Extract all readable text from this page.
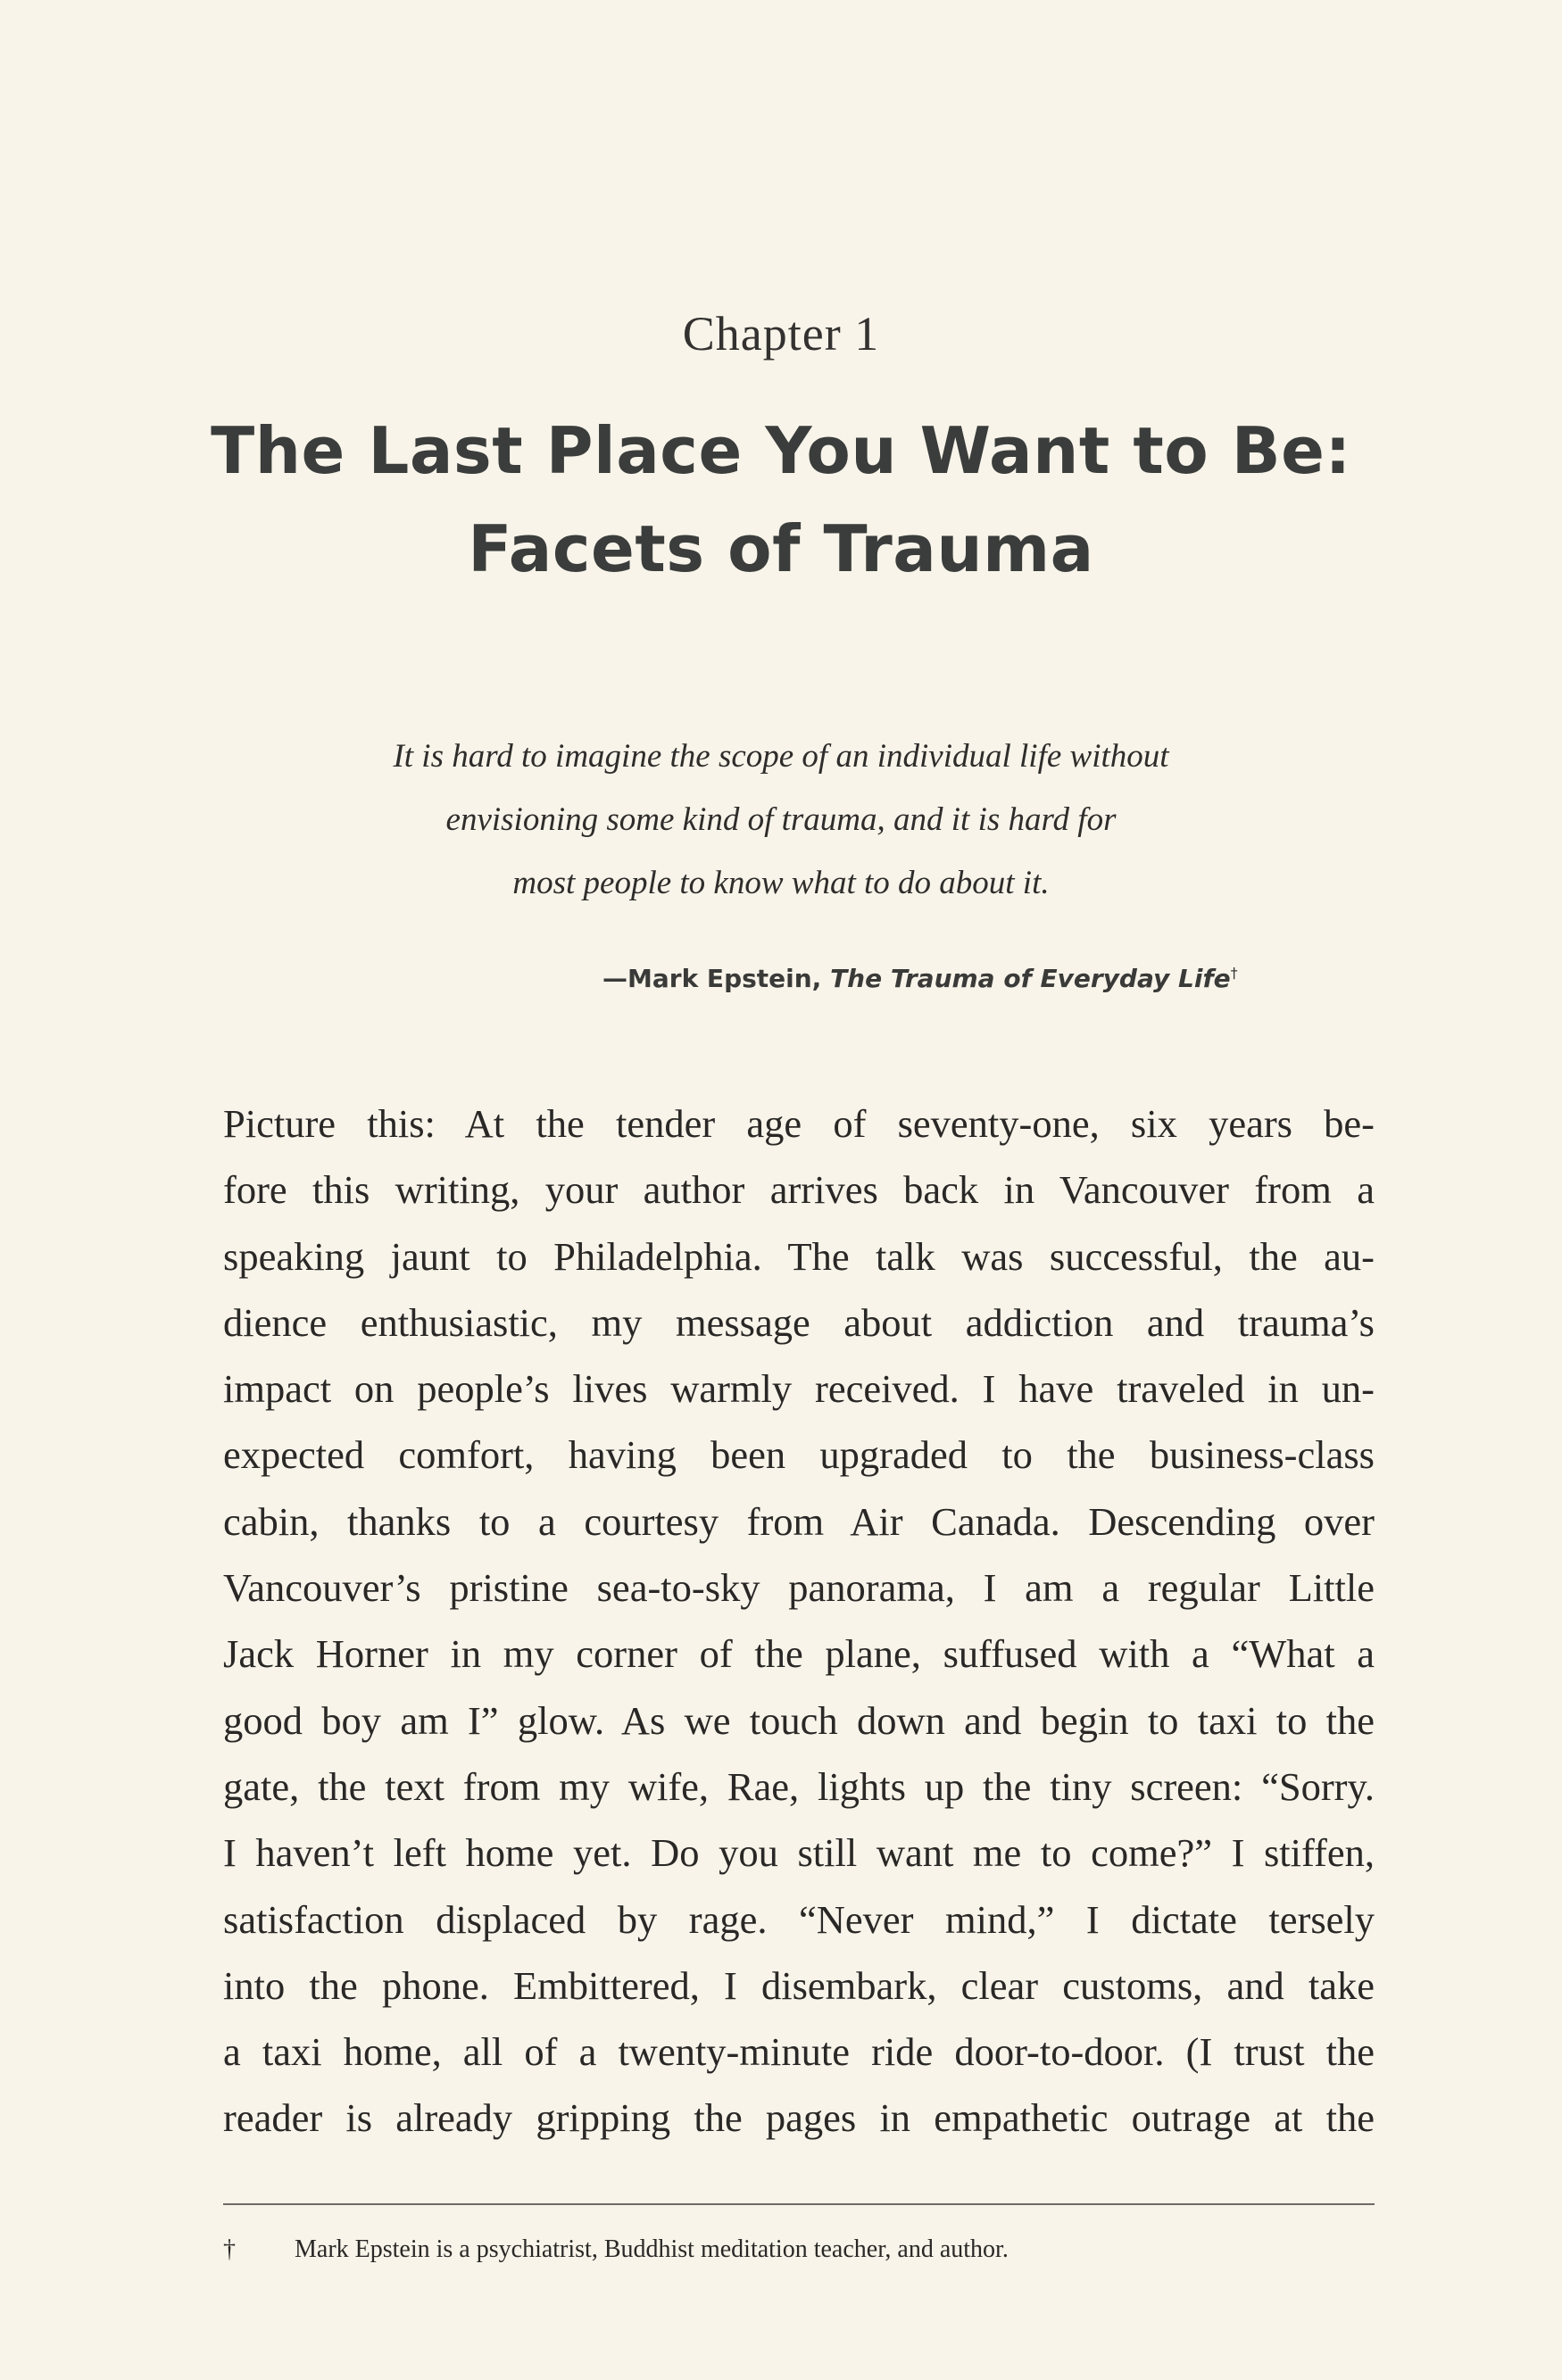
Chapter 1
The Last Place You Want to Be:
Facets of Trauma
It is hard to imagine the scope of an individual life without
envisioning some kind of trauma, and it is hard for
most people to know what to do about it.
—Mark Epstein, The Trauma of Everyday Life†
Picture this: At the tender age of seventy-one, six years be-
fore this writing, your author arrives back in Vancouver from a
speaking jaunt to Philadelphia. The talk was successful, the au-
dience enthusiastic, my message about addiction and trauma’s
impact on people’s lives warmly received. I have traveled in un-
expected comfort, having been upgraded to the business-class
cabin, thanks to a courtesy from Air Canada. Descending over
Vancouver’s pristine sea-to-sky panorama, I am a regular Little
Jack Horner in my corner of the plane, suffused with a “What a
good boy am I” glow. As we touch down and begin to taxi to the
gate, the text from my wife, Rae, lights up the tiny screen: “Sorry.
I haven’t left home yet. Do you still want me to come?” I stiffen,
satisfaction displaced by rage. “Never mind,” I dictate tersely
into the phone. Embittered, I disembark, clear customs, and take
a taxi home, all of a twenty-minute ride door-to-door. (I trust the
reader is already gripping the pages in empathetic outrage at the
† Mark Epstein is a psychiatrist, Buddhist meditation teacher, and author.
